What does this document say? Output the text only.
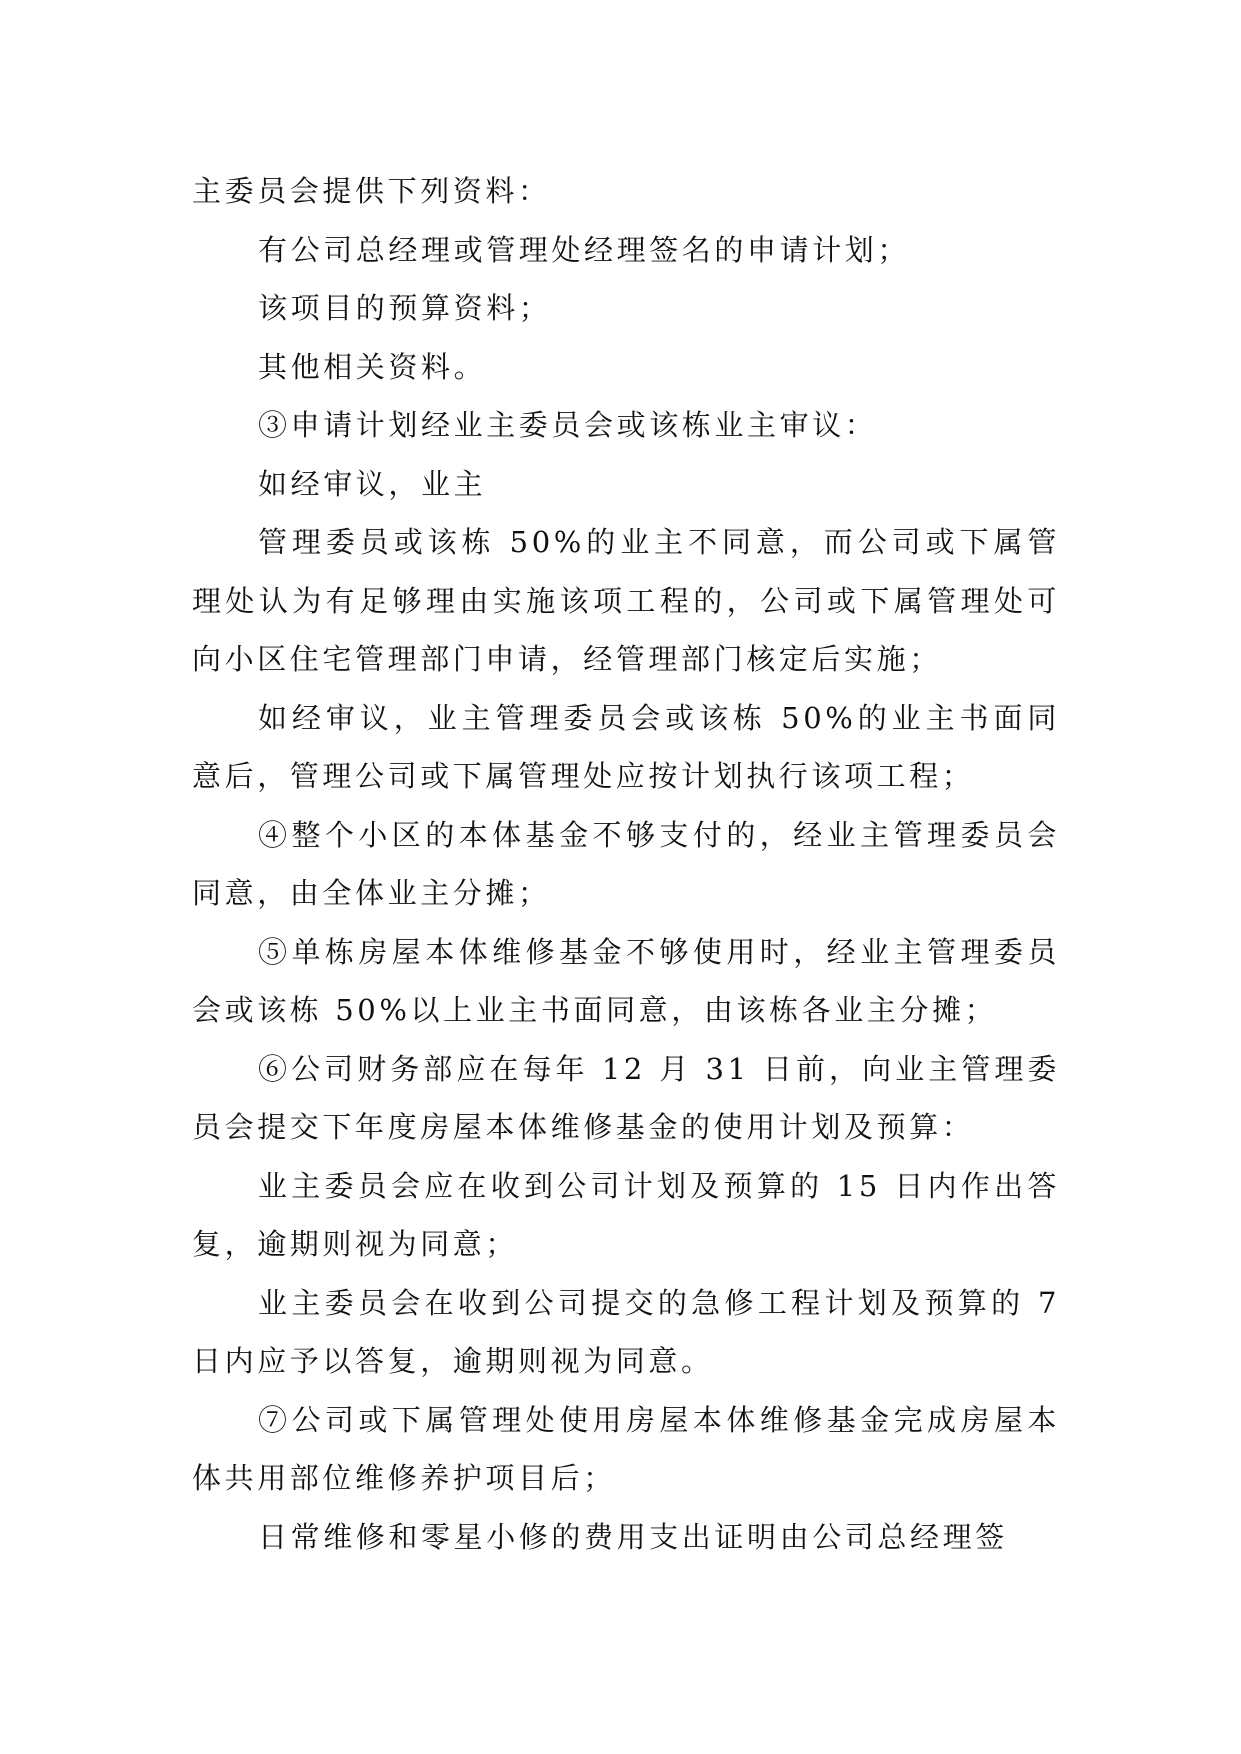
主委员会提供下列资料：

有公司总经理或管理处经理签名的申请计划；

该项目的预算资料；

其他相关资料。

③申请计划经业主委员会或该栋业主审议：

如经审议，业主

管理委员或该栋 50%的业主不同意，而公司或下属管理处认为有足够理由实施该项工程的，公司或下属管理处可向小区住宅管理部门申请，经管理部门核定后实施；

如经审议，业主管理委员会或该栋 50%的业主书面同意后，管理公司或下属管理处应按计划执行该项工程；

④整个小区的本体基金不够支付的，经业主管理委员会同意，由全体业主分摊；

⑤单栋房屋本体维修基金不够使用时，经业主管理委员会或该栋 50%以上业主书面同意，由该栋各业主分摊；

⑥公司财务部应在每年 12 月 31 日前，向业主管理委员会提交下年度房屋本体维修基金的使用计划及预算：

业主委员会应在收到公司计划及预算的 15 日内作出答复，逾期则视为同意；

业主委员会在收到公司提交的急修工程计划及预算的 7 日内应予以答复，逾期则视为同意。

⑦公司或下属管理处使用房屋本体维修基金完成房屋本体共用部位维修养护项目后；

日常维修和零星小修的费用支出证明由公司总经理签
